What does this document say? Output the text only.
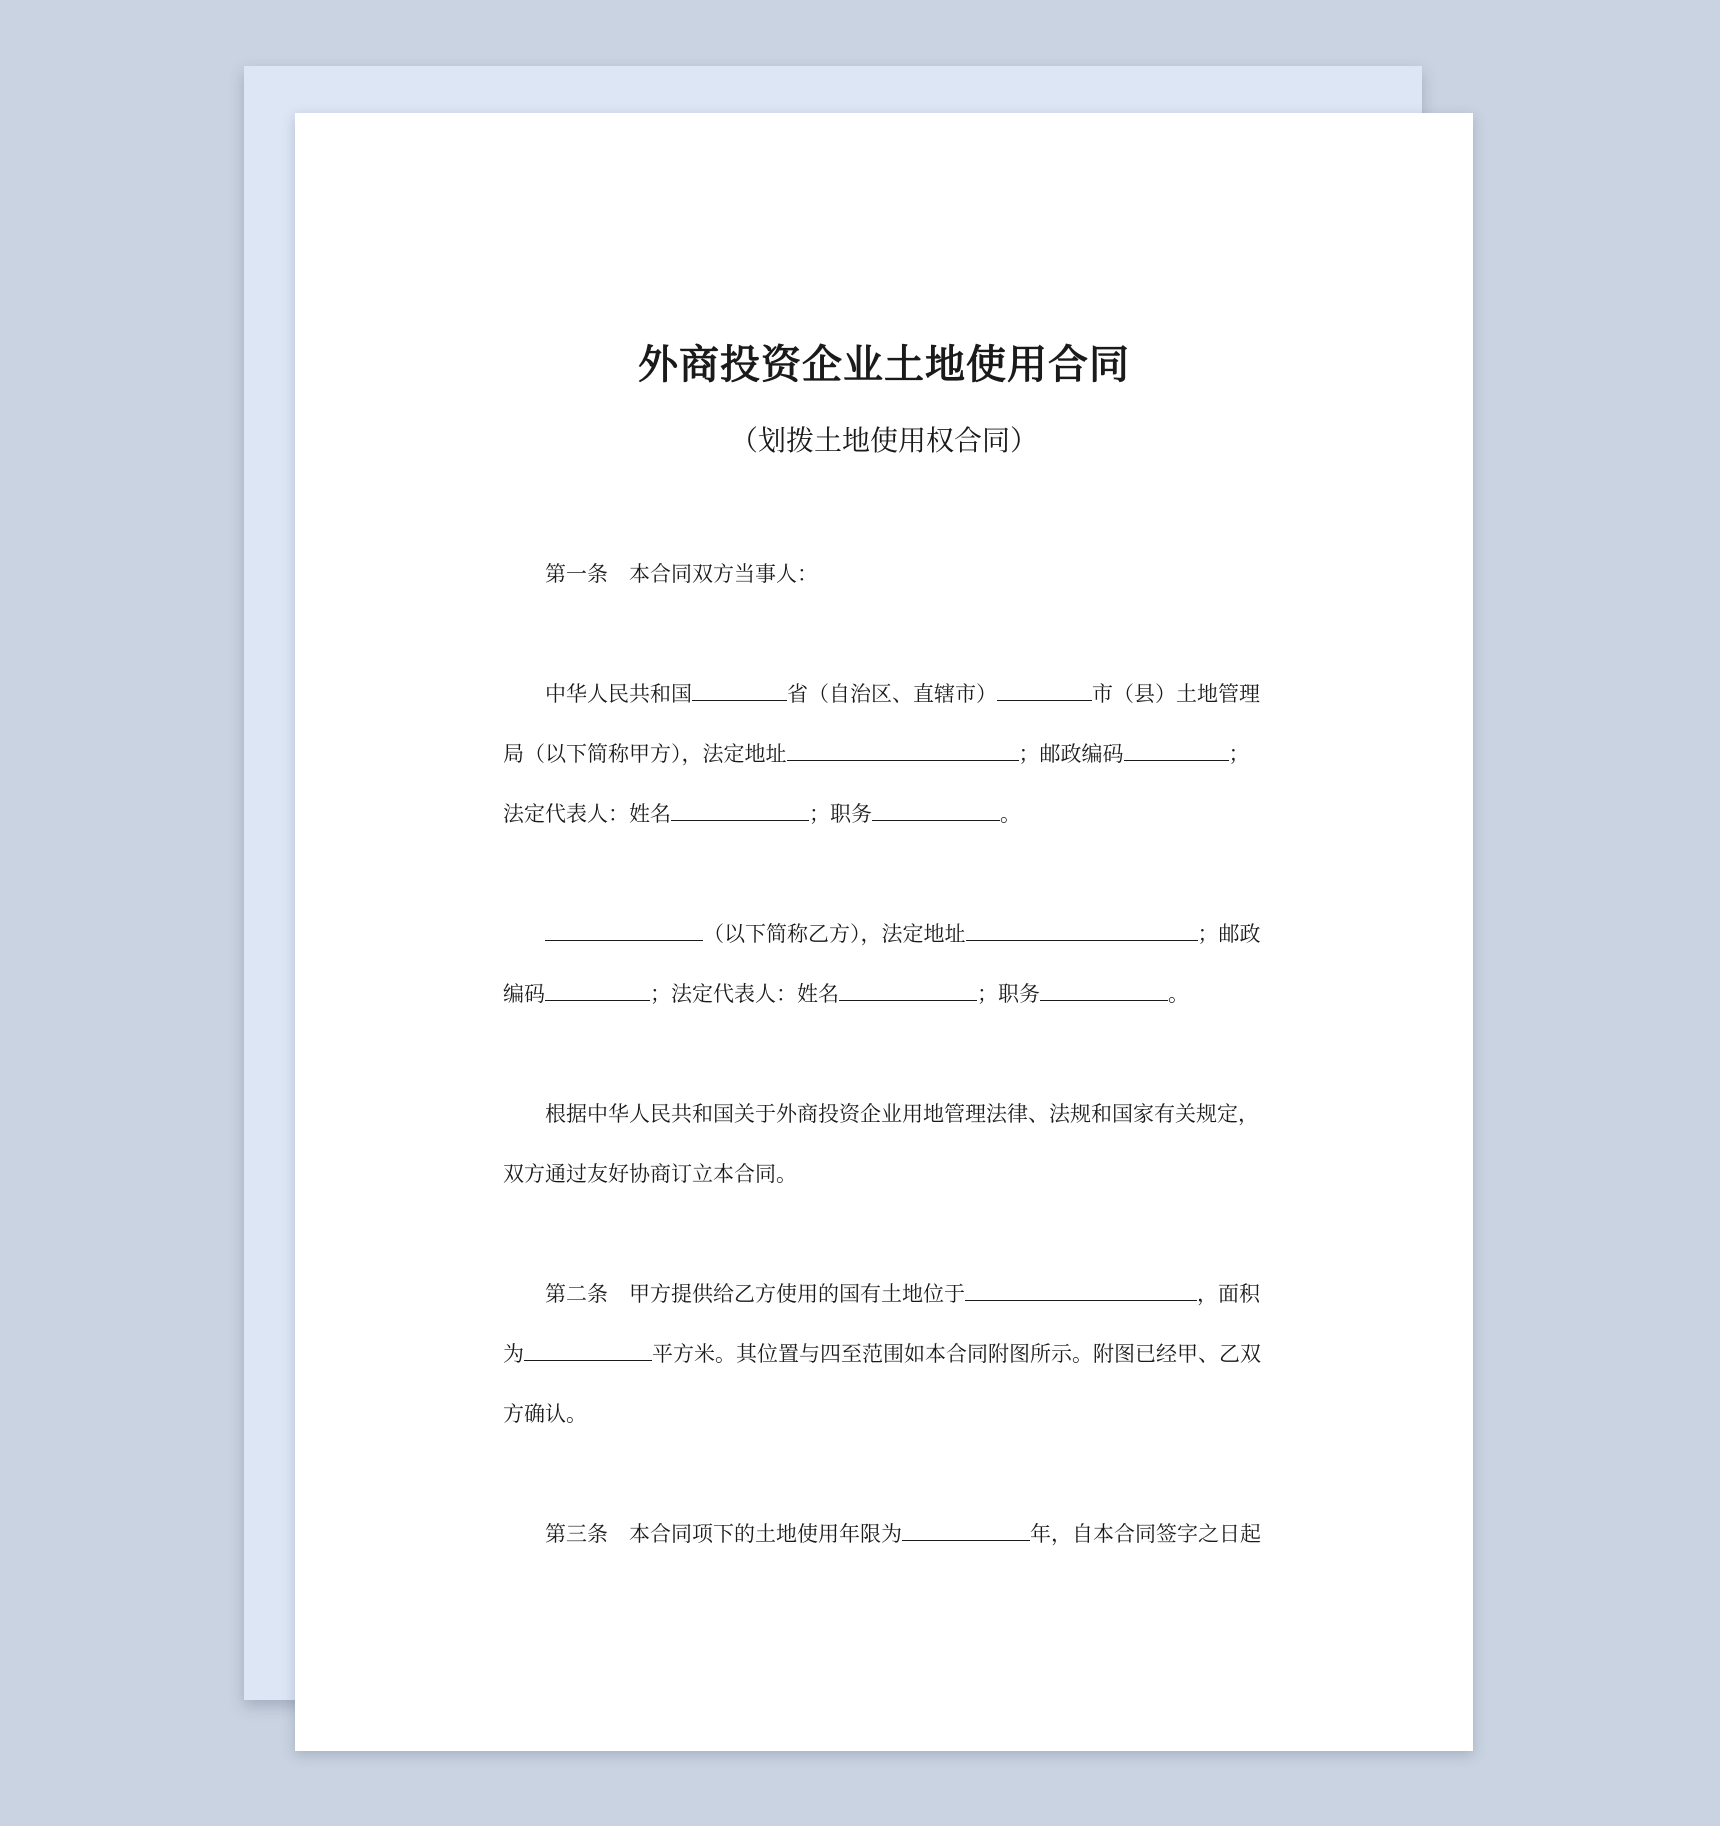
外商投资企业土地使用合同

（划拨土地使用权合同）

第一条 本合同双方当事人：

中华人民共和国	省（自治区、直辖市）	市（县）土地管理

局（以下简称甲方），法定地址	；邮政编码	；

法定代表人：姓名	；职务	。

（以下简称乙方），法定地址	；邮政

编码	；法定代表人：姓名	；职务	。

根据中华人民共和国关于外商投资企业用地管理法律、法规和国家有关规定，

双方通过友好协商订立本合同。

第二条 甲方提供给乙方使用的国有土地位于	，面积

为	平方米。其位置与四至范围如本合同附图所示。附图已经甲、乙双

方确认。

第三条 本合同项下的土地使用年限为	年，自本合同签字之日起
